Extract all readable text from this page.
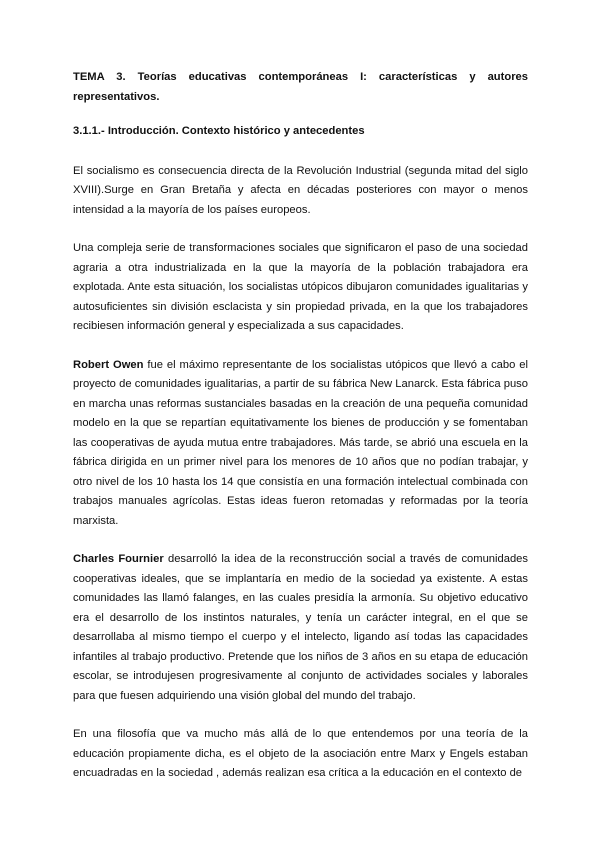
TEMA 3. Teorías educativas contemporáneas I: características y autores representativos.
3.1.1.- Introducción. Contexto histórico y antecedentes

El socialismo es consecuencia directa de la Revolución Industrial (segunda mitad del siglo XVIII).Surge en Gran Bretaña y afecta en décadas posteriores con mayor o menos intensidad a la mayoría de los países europeos.

Una compleja serie de transformaciones sociales que significaron el paso de una sociedad agraria a otra industrializada en la que la mayoría de la población trabajadora era explotada. Ante esta situación, los socialistas utópicos dibujaron comunidades igualitarias y autosuficientes sin división esclacista y sin propiedad privada, en la que los trabajadores recibiesen información general y especializada a sus capacidades.

Robert Owen fue el máximo representante de los socialistas utópicos que llevó a cabo el proyecto de comunidades igualitarias, a partir de su fábrica New Lanarck. Esta fábrica puso en marcha unas reformas sustanciales basadas en la creación de una pequeña comunidad modelo en la que se repartían equitativamente los bienes de producción y se fomentaban las cooperativas de ayuda mutua entre trabajadores. Más tarde, se abrió una escuela en la fábrica dirigida en un primer nivel para los menores de 10 años que no podían trabajar, y otro nivel de los 10 hasta los 14 que consistía en una formación intelectual combinada con trabajos manuales agrícolas. Estas ideas fueron retomadas y reformadas por la teoría marxista.

Charles Fournier desarrolló la idea de la reconstrucción social a través de comunidades cooperativas ideales, que se implantaría en medio de la sociedad ya existente. A estas comunidades las llamó falanges, en las cuales presidía la armonía. Su objetivo educativo era el desarrollo de los instintos naturales, y tenía un carácter integral, en el que se desarrollaba al mismo tiempo el cuerpo y el intelecto, ligando así todas las capacidades infantiles al trabajo productivo. Pretende que los niños de 3 años en su etapa de educación escolar, se introdujesen progresivamente al conjunto de actividades sociales y laborales para que fuesen adquiriendo una visión global del mundo del trabajo.

En una filosofía que va mucho más allá de lo que entendemos por una teoría de la educación propiamente dicha, es el objeto de la asociación entre Marx y Engels estaban encuadradas en la sociedad , además realizan esa crítica a la educación en el contexto de
